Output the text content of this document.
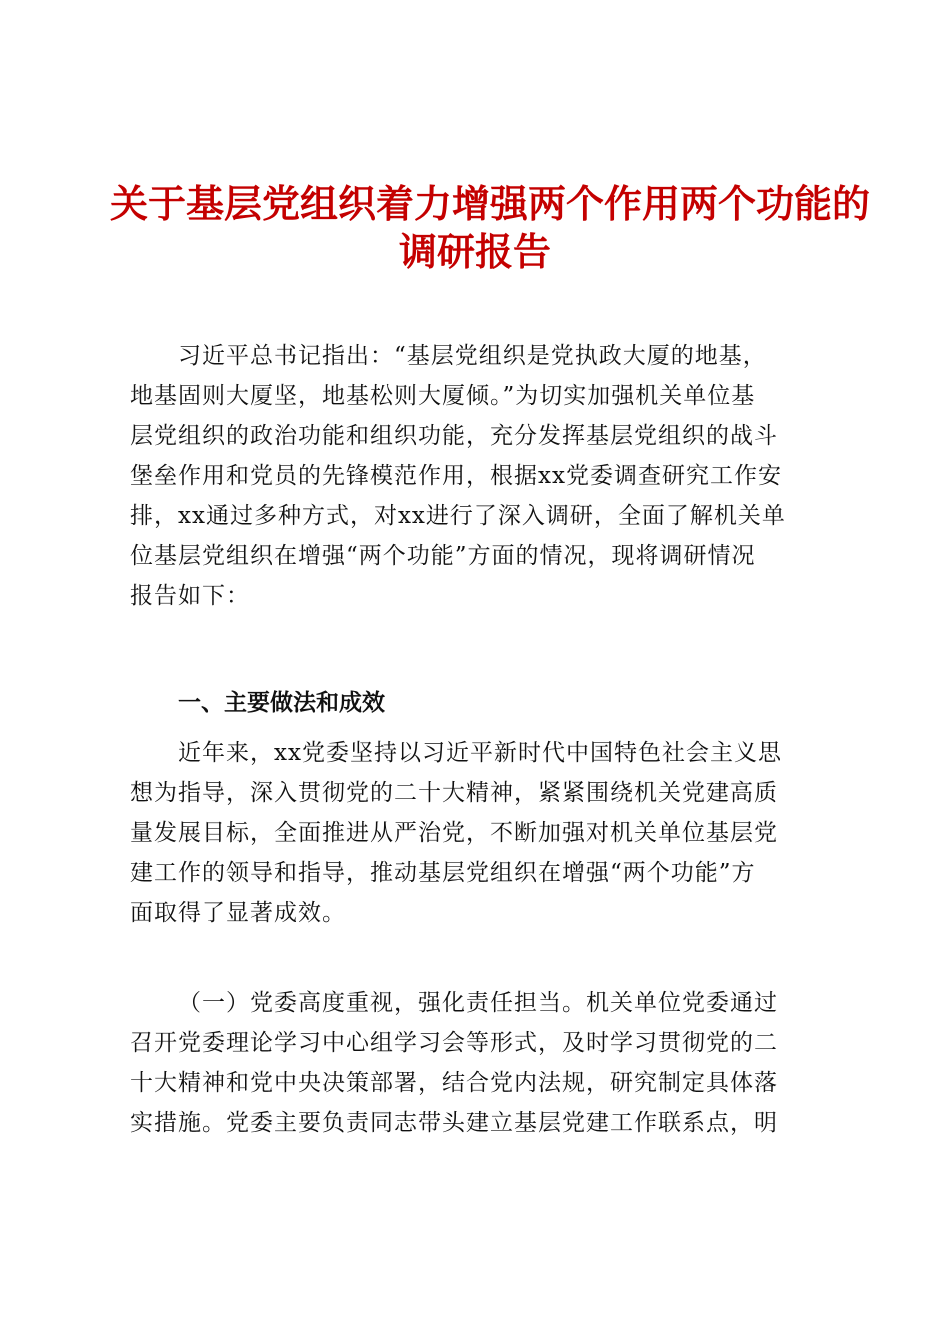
关于基层党组织着力增强两个作用两个功能的
调研报告
习近平总书记指出：“基层党组织是党执政大厦的地基，
地基固则大厦坚，地基松则大厦倾。”为切实加强机关单位基
层党组织的政治功能和组织功能，充分发挥基层党组织的战斗
堡垒作用和党员的先锋模范作用，根据xx党委调查研究工作安
排，xx通过多种方式，对xx进行了深入调研，全面了解机关单
位基层党组织在增强“两个功能”方面的情况，现将调研情况
报告如下：
一、主要做法和成效
近年来，xx党委坚持以习近平新时代中国特色社会主义思
想为指导，深入贯彻党的二十大精神，紧紧围绕机关党建高质
量发展目标，全面推进从严治党，不断加强对机关单位基层党
建工作的领导和指导，推动基层党组织在增强“两个功能”方
面取得了显著成效。
（一）党委高度重视，强化责任担当。机关单位党委通过
召开党委理论学习中心组学习会等形式，及时学习贯彻党的二
十大精神和党中央决策部署，结合党内法规，研究制定具体落
实措施。党委主要负责同志带头建立基层党建工作联系点，明
